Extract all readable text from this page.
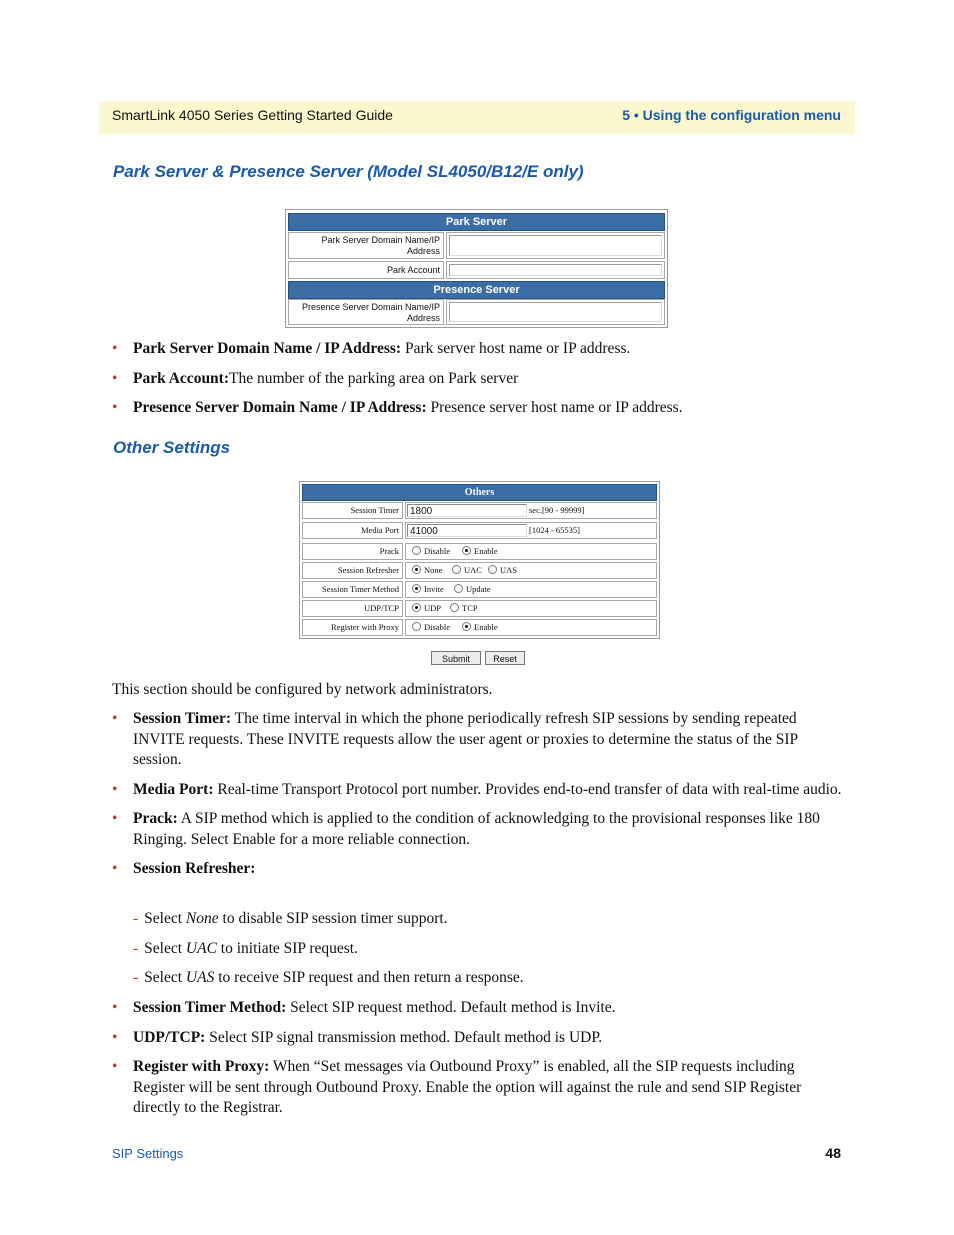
SmartLink 4050 Series Getting Started Guide	5 • Using the configuration menu
Park Server & Presence Server (Model SL4050/B12/E only)
Park Server
Park Server Domain Name/IP
Address
Park Account
Presence Server
Presence Server Domain Name/IP
Address
• Park Server Domain Name / IP Address: Park server host name or IP address.
• Park Account:The number of the parking area on Park server
• Presence Server Domain Name / IP Address: Presence server host name or IP address.
Other Settings
Others
Session Timer	1800	sec.[90 - 99999]
Media Port	41000	[1024 - 65535]
Prack	Disable	Enable
Session Refresher	None	UAC	UAS
Session Timer Method	Invite	Update
UDP/TCP	UDP	TCP
Register with Proxy	Disable	Enable
Submit	Reset

This section should be configured by network administrators.

• Session Timer: The time interval in which the phone periodically refresh SIP sessions by sending repeated INVITE requests. These INVITE requests allow the user agent or proxies to determine the status of the SIP session.
• Media Port: Real-time Transport Protocol port number. Provides end-to-end transfer of data with real-time audio.
• Prack: A SIP method which is applied to the condition of acknowledging to the provisional responses like 180 Ringing. Select Enable for a more reliable connection.
• Session Refresher:
- Select None to disable SIP session timer support.
- Select UAC to initiate SIP request.
- Select UAS to receive SIP request and then return a response.
• Session Timer Method: Select SIP request method. Default method is Invite.
• UDP/TCP: Select SIP signal transmission method. Default method is UDP.
• Register with Proxy: When “Set messages via Outbound Proxy” is enabled, all the SIP requests including Register will be sent through Outbound Proxy. Enable the option will against the rule and send SIP Register directly to the Registrar.
SIP Settings	48
